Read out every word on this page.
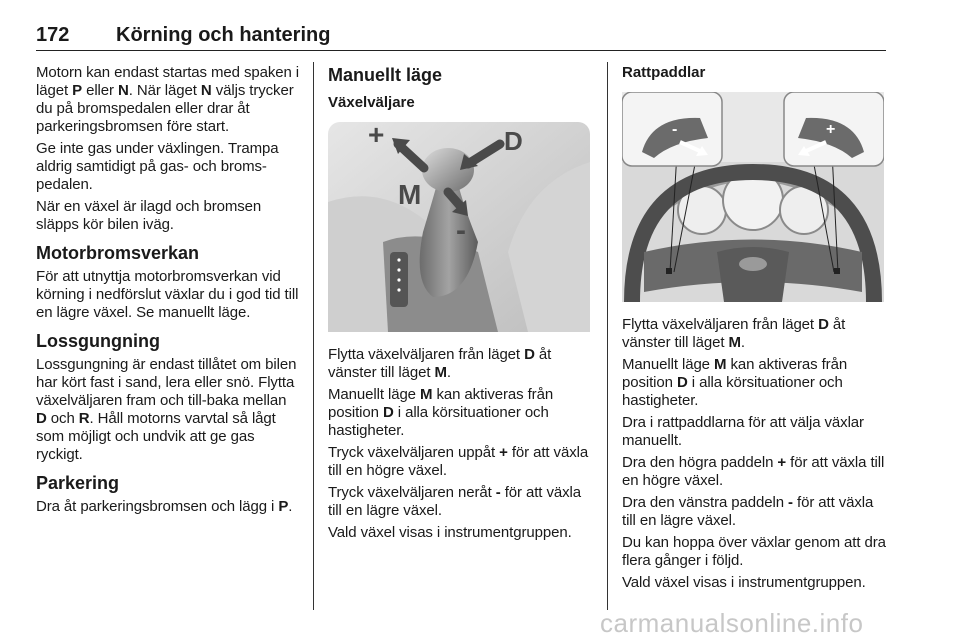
172 Körning och hantering

Motorn kan endast startas med spaken i läget P eller N. När läget N väljs trycker du på bromspedalen eller drar åt parkeringsbromsen före start.

Ge inte gas under växlingen. Trampa aldrig samtidigt på gas- och broms-pedalen.

När en växel är ilagd och bromsen släpps kör bilen iväg.

Motorbromsverkan

För att utnyttja motorbromsverkan vid körning i nedförslut växlar du i god tid till en lägre växel. Se manuellt läge.

Lossgungning

Lossgungning är endast tillåtet om bilen har kört fast i sand, lera eller snö. Flytta växelväljaren fram och till-baka mellan D och R. Håll motorns varvtal så lågt som möjligt och undvik att ge gas ryckigt.

Parkering

Dra åt parkeringsbromsen och lägg i P.

Manuellt läge
Växelväljare
+	D
M
-

Flytta växelväljaren från läget D åt vänster till läget M.

Manuellt läge M kan aktiveras från position D i alla körsituationer och hastigheter.

Tryck växelväljaren uppåt + för att växla till en högre växel.

Tryck växelväljaren neråt - för att växla till en lägre växel.

Vald växel visas i instrumentgruppen.

Rattpaddlar
-	+

Flytta växelväljaren från läget D åt vänster till läget M.

Manuellt läge M kan aktiveras från position D i alla körsituationer och hastigheter.

Dra i rattpaddlarna för att välja växlar manuellt.

Dra den högra paddeln + för att växla till en högre växel.

Dra den vänstra paddeln - för att växla till en lägre växel.

Du kan hoppa över växlar genom att dra flera gånger i följd.

Vald växel visas i instrumentgruppen.

carmanualsonline.info
